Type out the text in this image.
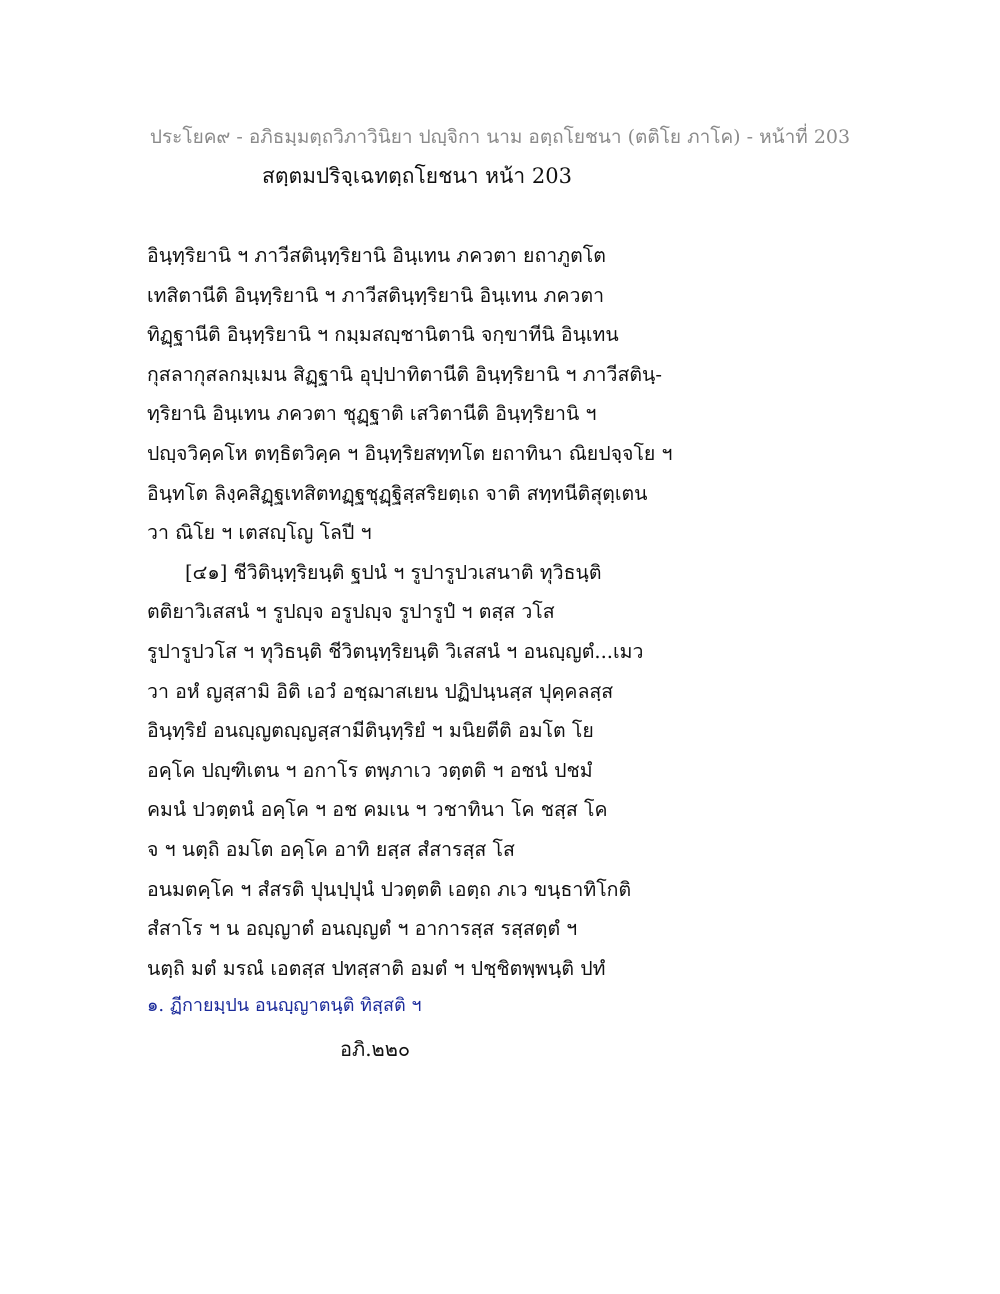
ประโยค๙ - อภิธมฺมตฺถวิภาวินิยา ปญฺจิกา นาม อตฺถโยชนา (ตติโย ภาโค) - หน้าที่ 203
สตฺตมปริจฺเฉทตฺถโยชนา หน้า 203
อินฺทฺริยานิ ฯ ภาวีสตินฺทฺริยานิ อินฺเทน ภควตา ยถาภูตโต
เทสิตานีติ อินฺทฺริยานิ ฯ ภาวีสตินฺทฺริยานิ อินฺเทน ภควตา
ทิฏฺฐานีติ อินฺทฺริยานิ ฯ กมฺมสญฺชานิตานิ จกฺขาทีนิ อินฺเทน
กุสลากุสลกมฺเมน สิฏฺฐานิ อุปฺปาทิตานีติ อินฺทฺริยานิ ฯ ภาวีสตินฺ-
ทฺริยานิ อินฺเทน ภควตา ชุฏฺฐาติ เสวิตานีติ อินฺทฺริยานิ ฯ
ปญฺจวิคฺคโห ตทฺธิตวิคฺค ฯ อินฺทฺริยสทฺทโต ยถาทินา ณิยปจฺจโย ฯ
อินฺทโต ลิงฺคสิฏฺฐเทสิตทฏฺฐชุฏฺฐิสฺสริยตฺเถ จาติ สทฺทนีติสุตฺเตน
วา ณิโย ฯ เตสญฺโญ โลปี ฯ
[๔๑] ชีวิตินฺทฺริยนฺติ ฐปนํ ฯ รูปารูปวเสนาติ ทุวิธนฺติ
ตติยาวิเสสนํ ฯ รูปญฺจ อรูปญฺจ รูปารูปํ ฯ ตสฺส วโส
รูปารูปวโส ฯ ทุวิธนฺติ ชีวิตนฺทฺริยนฺติ วิเสสนํ ฯ อนญฺญตํ...เมว
วา อหํ ญสฺสามิ อิติ เอวํ อชฺฌาสเยน ปฏิปนฺนสฺส ปุคฺคลสฺส
อินฺทฺริยํ อนญฺญตญฺญสฺสามีตินฺทฺริยํ ฯ มนิยตีติ อมโต โย
อคฺโค ปญฺฑิเตน ฯ อกาโร ตพฺภาเว วตฺตติ ฯ อชนํ ปชมํ
คมนํ ปวตฺตนํ อคฺโค ฯ อช คมเน ฯ วชาทินา โค ชสฺส โค
จ ฯ นตฺถิ อมโต อคฺโค อาทิ ยสฺส สํสารสฺส โส
อนมตคฺโค ฯ สํสรติ ปุนปฺปุนํ ปวตฺตติ เอตฺถ ภเว ขนฺธาทิโกติ
สํสาโร ฯ น อญฺญาตํ อนญฺญตํ ฯ อาการสฺส รสฺสตฺตํ ฯ
นตฺถิ มตํ มรณํ เอตสฺส ปทสฺสาติ อมตํ ฯ ปชฺชิตพฺพนฺติ ปทํ
๑. ฏีกายมฺปน อนญฺญาตนฺติ ทิสฺสติ ฯ
อภิ.๒๒๐
